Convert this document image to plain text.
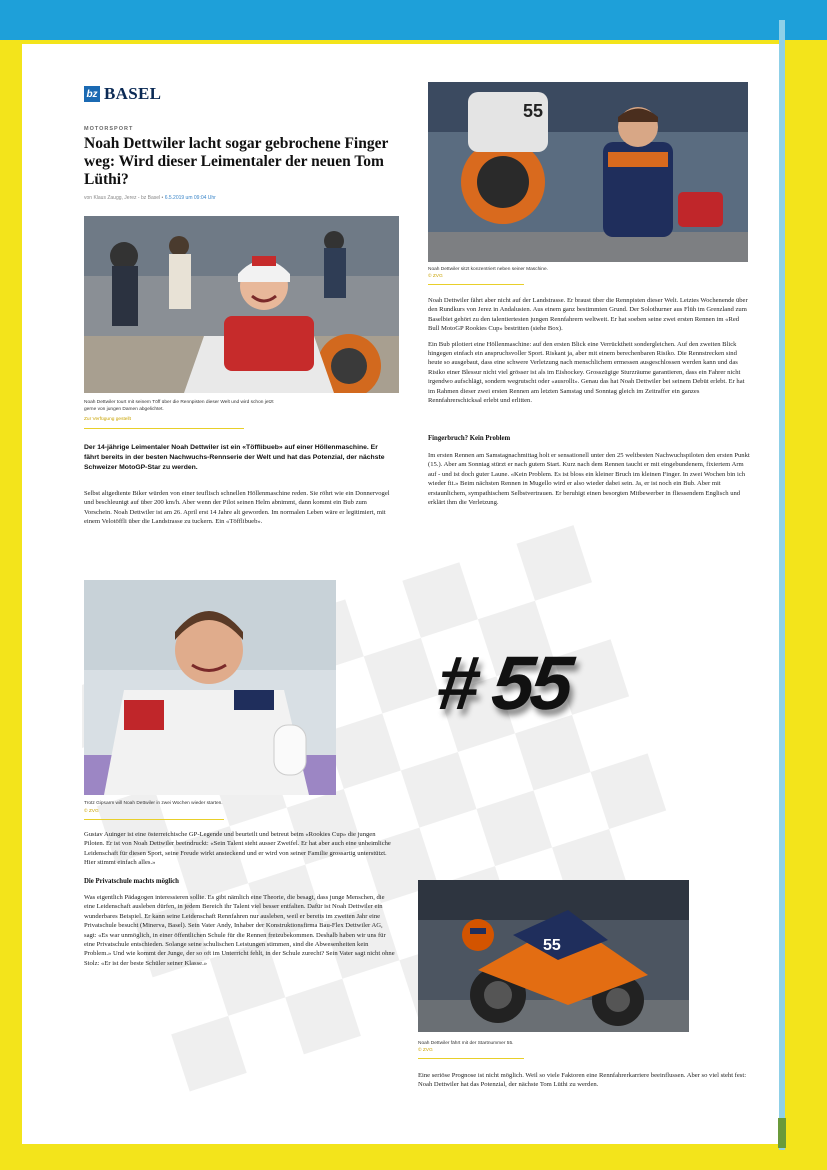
bz BASEL
MOTORSPORT
Noah Dettwiler lacht sogar gebrochene Finger weg: Wird dieser Leimentaler der neuen Tom Lüthi?
von Klaus Zaugg, Jerez - bz Basel • 6.5.2019 um 09:04 Uhr
Noah Dettwiler tourt mit seinem Töff über die Rennpisten dieser Welt und wird schon jetzt gerne von jungen Damen abgelichtet.
Zur Verfügung gestellt
Der 14-jährige Leimentaler Noah Dettwiler ist ein «Töfflibueb» auf einer Höllenmaschine. Er fährt bereits in der besten Nachwuchs-Rennserie der Welt und hat das Potenzial, der nächste Schweizer MotoGP-Star zu werden.

Selbst altgediente Biker würden von einer teuflisch schnellen Höllenmaschine reden. Sie röhrt wie ein Donnervogel und beschleunigt auf über 200 km/h. Aber wenn der Pilot seinen Helm abnimmt, dann kommt ein Bub zum Vorschein. Noah Dettwiler ist am 26. April erst 14 Jahre alt geworden. Im normalen Leben wäre er legitimiert, mit einem Velotöffli über die Landstrasse zu tuckern. Ein «Töfflibueb».

55
Noah Dettwiler sitzt konzentriert neben seiner Maschine.
© ZVG

Noah Dettwiler fährt aber nicht auf der Landstrasse. Er braust über die Rennpisten dieser Welt. Letztes Wochenende über den Rundkurs von Jerez in Andalusien. Aus einem ganz bestimmten Grund. Der Solothurner aus Flüh im Grenzland zum Baselbiet gehört zu den talentiertesten jungen Rennfahrern weltweit. Er hat soeben seine zwei ersten Rennen im «Red Bull MotoGP Rookies Cup» bestritten (siehe Box).

Ein Bub pilotiert eine Höllenmaschine: auf den ersten Blick eine Verrücktheit sondergleichen. Auf den zweiten Blick hingegen einfach ein anspruchsvoller Sport. Riskant ja, aber mit einem berechenbaren Risiko. Die Rennstrecken sind heute so ausgebaut, dass eine schwere Verletzung nach menschlichem ermessen ausgeschlossen werden kann und das Risiko einer Blessur nicht viel grösser ist als im Eishockey. Grosszügige Sturzräume garantieren, dass ein Fahrer nicht irgendwo aufschlägt, sondern wegrutscht oder «ausrollt». Genau das hat Noah Dettwiler bei seinem Debüt erlebt. Er hat im Rahmen dieser zwei ersten Rennen am letzten Samstag und Sonntag gleich im Zeitraffer ein ganzes Rennfahrerschicksal erlebt und erlitten.

Fingerbruch? Kein Problem

Im ersten Rennen am Samstagnachmittag holt er sensationell unter den 25 weltbesten Nachwuchspiloten den ersten Punkt (15.). Aber am Sonntag stürzt er nach gutem Start. Kurz nach dem Rennen taucht er mit eingebundenem, fixiertem Arm auf - und ist doch guter Laune. «Kein Problem. Es ist bloss ein kleiner Bruch im kleinen Finger. In zwei Wochen bin ich wieder fit.» Beim nächsten Rennen in Mugello wird er also wieder dabei sein. Ja, er ist noch ein Bub. Aber mit erstaunlichem, sympathischem Selbstvertrauen. Er beruhigt einen besorgten Mitbewerber in fliessendem Englisch und erklärt ihm die Verletzung.

Trotz Gipsarm will Noah Dettwiler in zwei Wochen wieder starten.
© ZVG
# 55

Gustav Auinger ist eine österreichische GP-Legende und beurteilt und betreut beim «Rookies Cup» die jungen Piloten. Er ist von Noah Dettwiler beeindruckt: «Sein Talent steht ausser Zweifel. Er hat aber auch eine unheimliche Leidenschaft für diesen Sport, seine Freude wirkt ansteckend und er wird von seiner Familie grossartig unterstützt. Hier stimmt einfach alles.»

Die Privatschule machts möglich

Was eigentlich Pädagogen interessieren sollte. Es gibt nämlich eine Theorie, die besagt, dass junge Menschen, die eine Leidenschaft ausleben dürfen, in jedem Bereich ihr Talent viel besser entfalten. Dafür ist Noah Dettwiler ein wunderbares Beispiel. Er kann seine Leidenschaft Rennfahren nur ausleben, weil er bereits im zweiten Jahr eine Privatschule besucht (Minerva, Basel). Sein Vater Andy, Inhaber der Konstruktionsfirma Bau-Flex Dettwiler AG, sagt: «Es war unmöglich, in einer öffentlichen Schule für die Rennen freizubekommen. Deshalb haben wir uns für eine Privatschule entschieden. Solange seine schulischen Leistungen stimmen, sind die Abwesenheiten kein Problem.» Und wie kommt der Junge, der so oft im Unterricht fehlt, in der Schule zurecht? Sein Vater sagt nicht ohne Stolz: «Er ist der beste Schüler seiner Klasse.»

55
Noah Dettwiler fährt mit der Startnummer 55.
© ZVG

Eine seriöse Prognose ist nicht möglich. Weil so viele Faktoren eine Rennfahrerkarriere beeinflussen. Aber so viel steht fest: Noah Dettwiler hat das Potenzial, der nächste Tom Lüthi zu werden.
